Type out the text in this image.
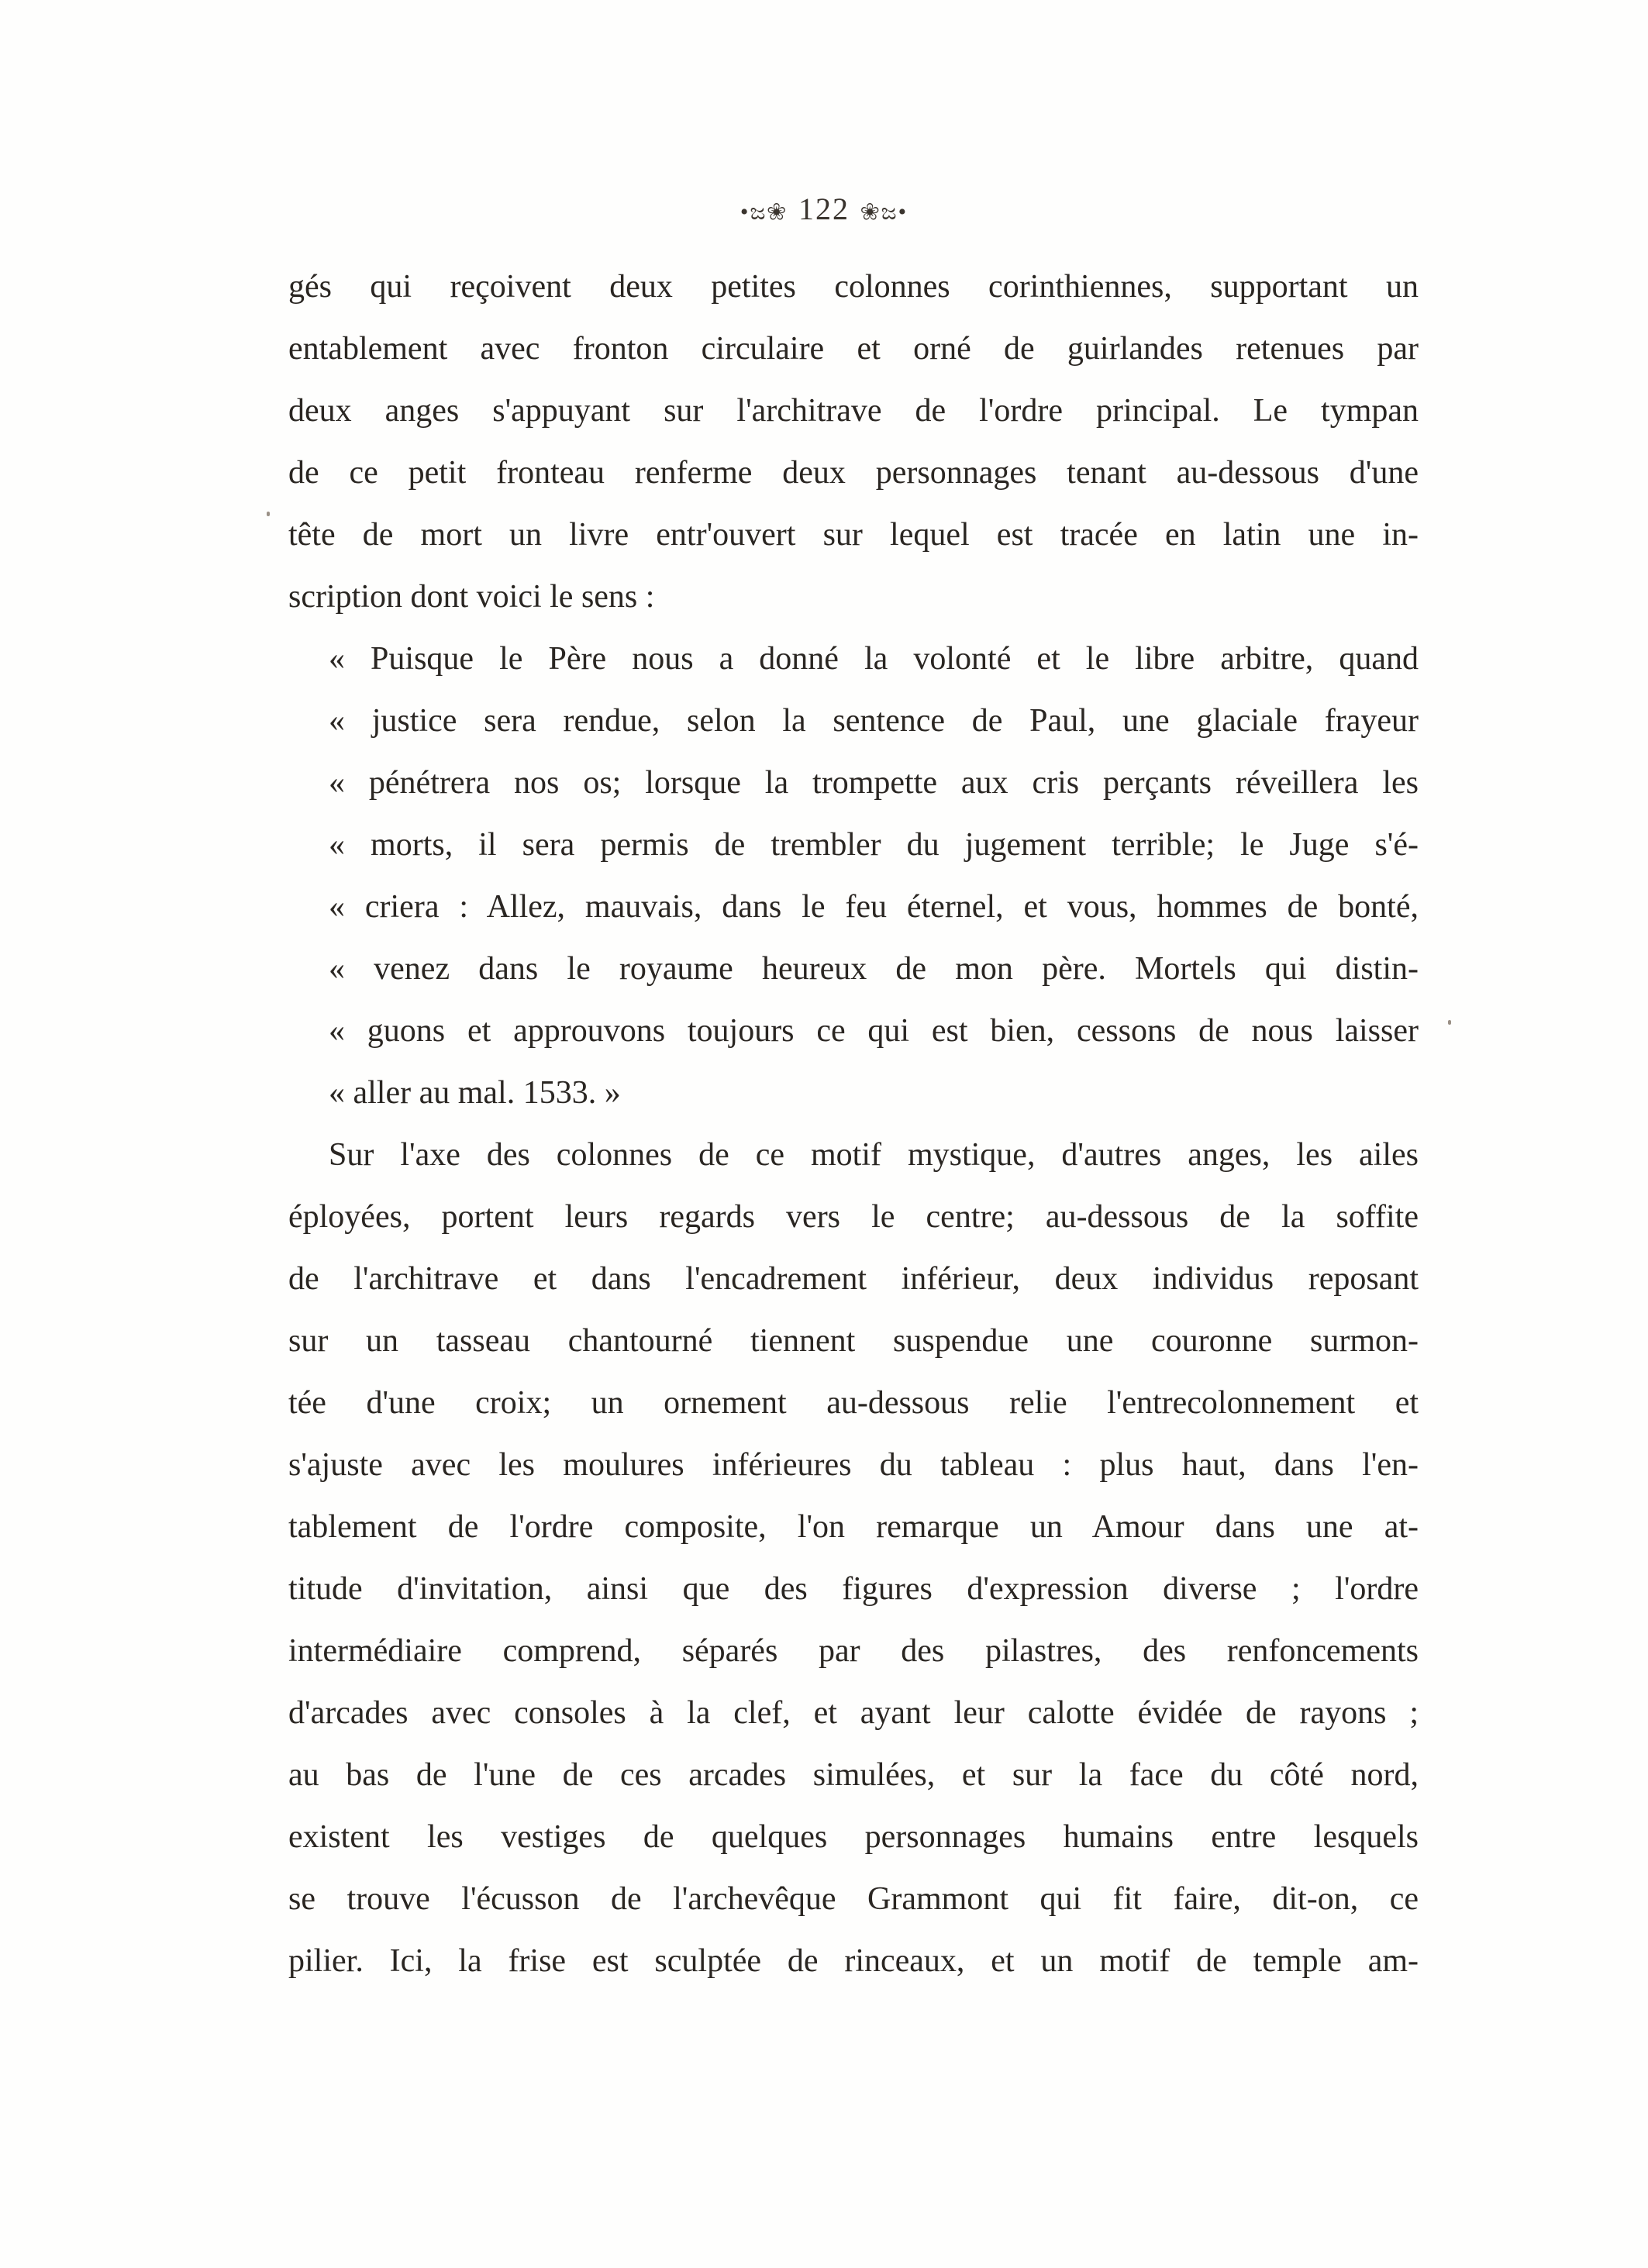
•ಜ❀ 122 ❀ಜ•
gés qui reçoivent deux petites colonnes corinthiennes, supportant un
entablement avec fronton circulaire et orné de guirlandes retenues par
deux anges s'appuyant sur l'architrave de l'ordre principal. Le tympan
de ce petit fronteau renferme deux personnages tenant au-dessous d'une
tête de mort un livre entr'ouvert sur lequel est tracée en latin une in-
scription dont voici le sens :
« Puisque le Père nous a donné la volonté et le libre arbitre, quand
« justice sera rendue, selon la sentence de Paul, une glaciale frayeur
« pénétrera nos os; lorsque la trompette aux cris perçants réveillera les
« morts, il sera permis de trembler du jugement terrible; le Juge s'é-
« criera : Allez, mauvais, dans le feu éternel, et vous, hommes de bonté,
« venez dans le royaume heureux de mon père. Mortels qui distin-
« guons et approuvons toujours ce qui est bien, cessons de nous laisser
« aller au mal. 1533. »
Sur l'axe des colonnes de ce motif mystique, d'autres anges, les ailes
éployées, portent leurs regards vers le centre; au-dessous de la soffite
de l'architrave et dans l'encadrement inférieur, deux individus reposant
sur un tasseau chantourné tiennent suspendue une couronne surmon-
tée d'une croix; un ornement au-dessous relie l'entrecolonnement et
s'ajuste avec les moulures inférieures du tableau : plus haut, dans l'en-
tablement de l'ordre composite, l'on remarque un Amour dans une at-
titude d'invitation, ainsi que des figures d'expression diverse ; l'ordre
intermédiaire comprend, séparés par des pilastres, des renfoncements
d'arcades avec consoles à la clef, et ayant leur calotte évidée de rayons ;
au bas de l'une de ces arcades simulées, et sur la face du côté nord,
existent les vestiges de quelques personnages humains entre lesquels
se trouve l'écusson de l'archevêque Grammont qui fit faire, dit-on, ce
pilier. Ici, la frise est sculptée de rinceaux, et un motif de temple am-
